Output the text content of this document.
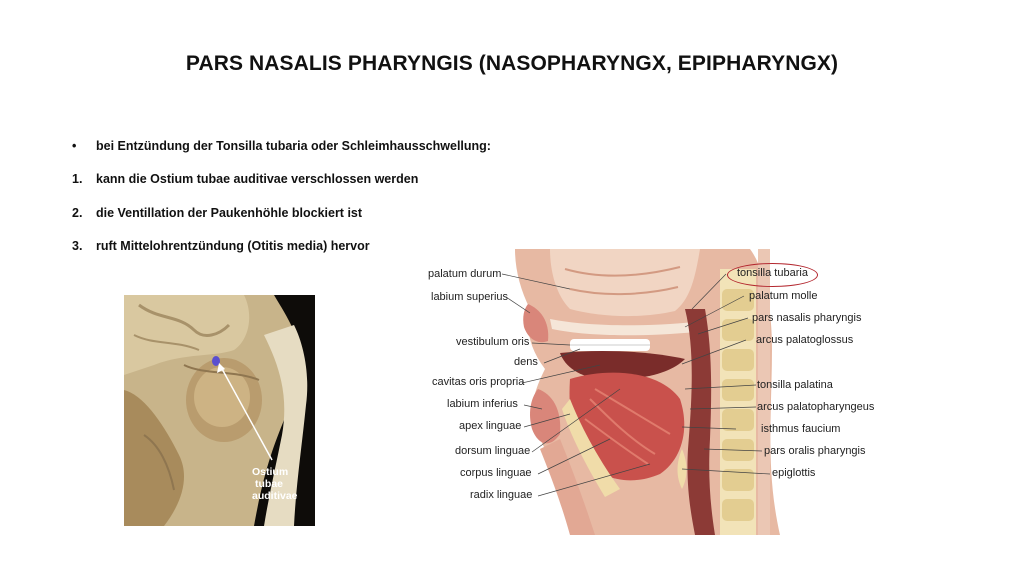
PARS NASALIS PHARYNGIS (NASOPHARYNGX, EPIPHARYNGX)
•	bei Entzündung der Tonsilla tubaria oder Schleimhausschwellung:
1.	kann die Ostium tubae auditivae verschlossen werden
2.	die Ventillation der Paukenhöhle blockiert ist
3.	ruft Mittelohrentzündung (Otitis media) hervor
Ostium
tubae
auditivae
palatum durum
labium superius
vestibulum oris
dens
cavitas oris propria
labium inferius
apex linguae
dorsum linguae
corpus linguae
radix linguae
tonsilla tubaria
palatum molle
pars nasalis pharyngis
arcus palatoglossus
tonsilla palatina
arcus palatopharyngeus
isthmus faucium
pars oralis pharyngis
epiglottis
